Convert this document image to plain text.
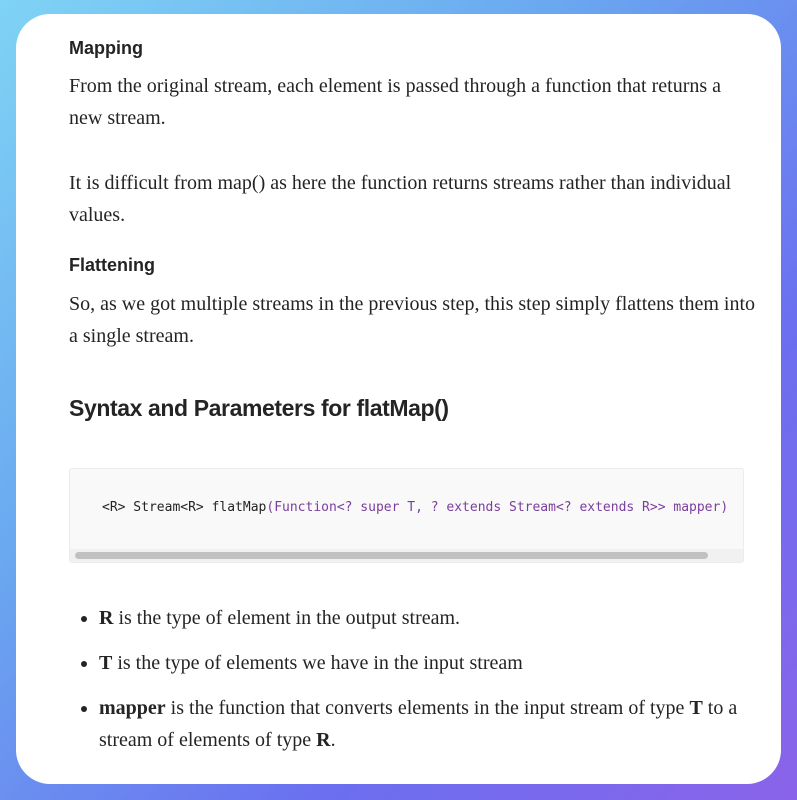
Mapping

From the original stream, each element is passed through a function that returns a new stream.

It is difficult from map() as here the function returns streams rather than individual values.

Flattening

So, as we got multiple streams in the previous step, this step simply flattens them into a single stream.

Syntax and Parameters for flatMap()
<R> Stream<R> flatMap(Function<? super T, ? extends Stream<? extends R>> mapper)
R is the type of element in the output stream.
T is the type of elements we have in the input stream
mapper is the function that converts elements in the input stream of type T to a stream of elements of type R.
